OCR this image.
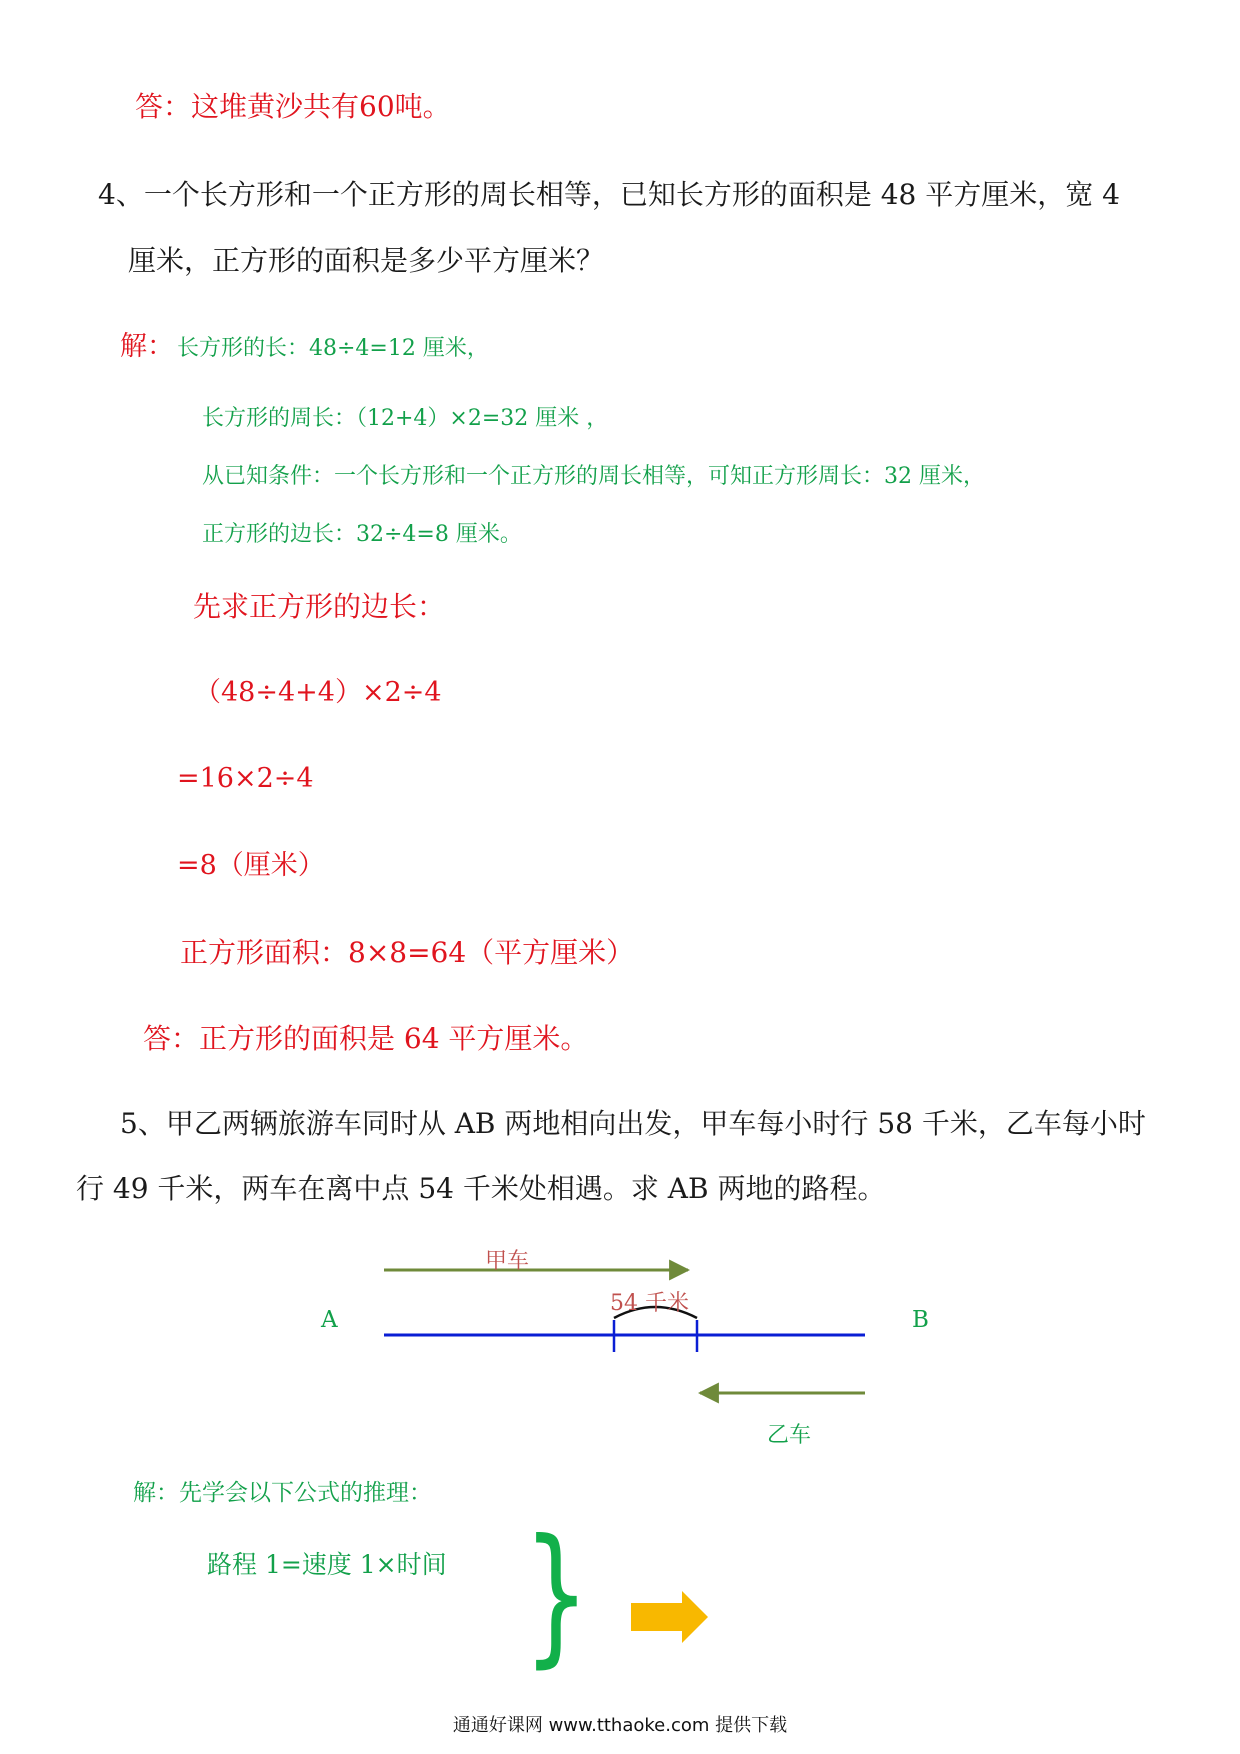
答：这堆黄沙共有60吨。

4、一个长方形和一个正方形的周长相等，已知长方形的面积是 48 平方厘米，宽 4

厘米，正方形的面积是多少平方厘米？

解： 长方形的长：48÷4=12 厘米，

长方形的周长：（12+4）×2=32 厘米 ，

从已知条件：一个长方形和一个正方形的周长相等，可知正方形周长：32 厘米，

正方形的边长：32÷4=8 厘米。

先求正方形的边长：

（48÷4+4）×2÷4

=16×2÷4

=8（厘米）

正方形面积：8×8=64（平方厘米）

答：正方形的面积是 64 平方厘米。

5、甲乙两辆旅游车同时从 AB 两地相向出发，甲车每小时行 58 千米，乙车每小时

行 49 千米，两车在离中点 54 千米处相遇。求 AB 两地的路程。

甲车
54 千米
A	B
乙车

解：先学会以下公式的推理：

路程 1=速度 1×时间 }

通通好课网 www.tthaoke.com 提供下载
